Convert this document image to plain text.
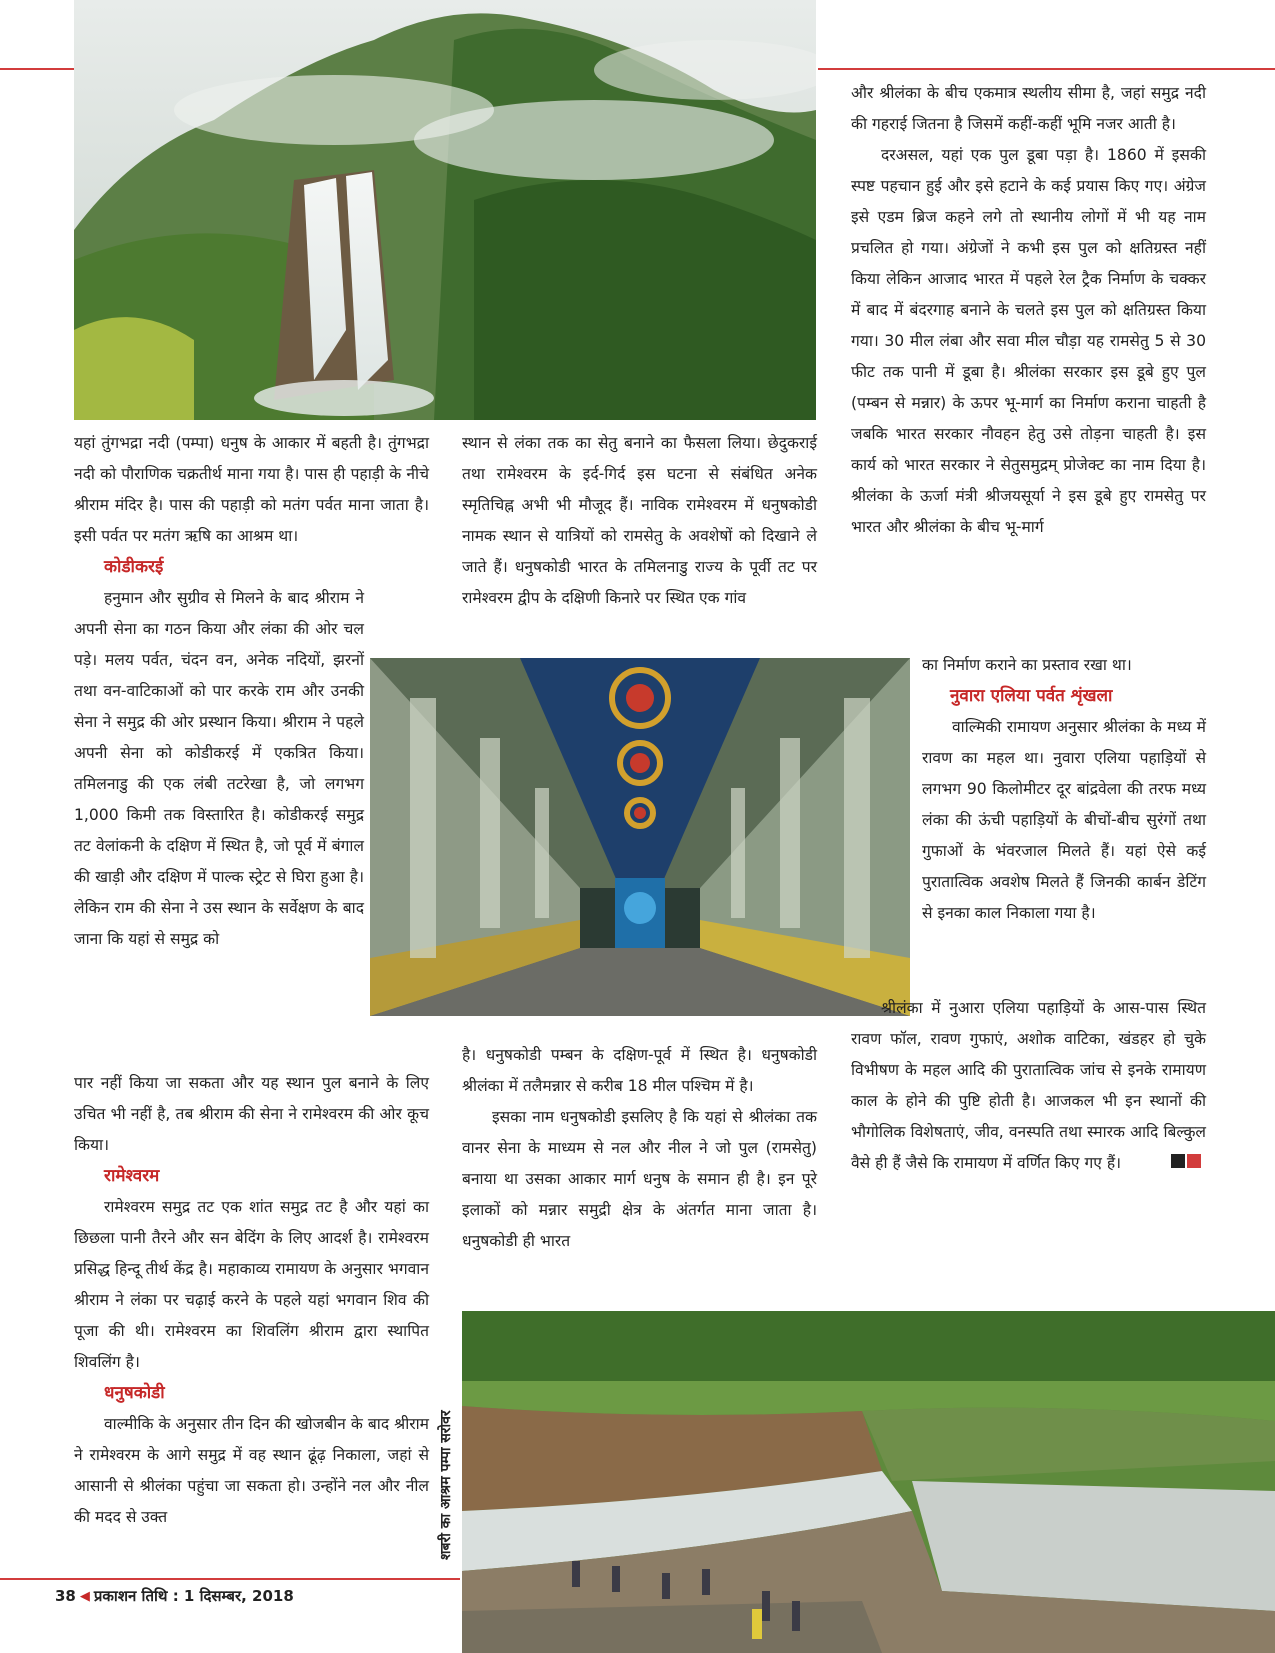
यहां तुंगभद्रा नदी (पम्पा) धनुष के आकार में बहती है। तुंगभद्रा नदी को पौराणिक चक्रतीर्थ माना गया है। पास ही पहाड़ी के नीचे श्रीराम मंदिर है। पास की पहाड़ी को मतंग पर्वत माना जाता है। इसी पर्वत पर मतंग ऋषि का आश्रम था।

कोडीकरई

हनुमान और सुग्रीव से मिलने के बाद श्रीराम ने अपनी सेना का गठन किया और लंका की ओर चल पड़े। मलय पर्वत, चंदन वन, अनेक नदियों, झरनों तथा वन-वाटिकाओं को पार करके राम और उनकी सेना ने समुद्र की ओर प्रस्थान किया। श्रीराम ने पहले अपनी सेना को कोडीकरई में एकत्रित किया। तमिलनाडु की एक लंबी तटरेखा है, जो लगभग 1,000 किमी तक विस्तारित है। कोडीकरई समुद्र तट वेलांकनी के दक्षिण में स्थित है, जो पूर्व में बंगाल की खाड़ी और दक्षिण में पाल्क स्ट्रेट से घिरा हुआ है। लेकिन राम की सेना ने उस स्थान के सर्वेक्षण के बाद जाना कि यहां से समुद्र को

पार नहीं किया जा सकता और यह स्थान पुल बनाने के लिए उचित भी नहीं है, तब श्रीराम की सेना ने रामेश्वरम की ओर कूच किया।

रामेश्वरम

रामेश्वरम समुद्र तट एक शांत समुद्र तट है और यहां का छिछला पानी तैरने और सन बेदिंग के लिए आदर्श है। रामेश्वरम प्रसिद्ध हिन्दू तीर्थ केंद्र है। महाकाव्य रामायण के अनुसार भगवान श्रीराम ने लंका पर चढ़ाई करने के पहले यहां भगवान शिव की पूजा की थी। रामेश्वरम का शिवलिंग श्रीराम द्वारा स्थापित शिवलिंग है।

धनुषकोडी

वाल्मीकि के अनुसार तीन दिन की खोजबीन के बाद श्रीराम ने रामेश्वरम के आगे समुद्र में वह स्थान ढूंढ़ निकाला, जहां से आसानी से श्रीलंका पहुंचा जा सकता हो। उन्होंने नल और नील की मदद से उक्त

स्थान से लंका तक का सेतु बनाने का फैसला लिया। छेदुकराई तथा रामेश्वरम के इर्द-गिर्द इस घटना से संबंधित अनेक स्मृतिचिह्न अभी भी मौजूद हैं। नाविक रामेश्वरम में धनुषकोडी नामक स्थान से यात्रियों को रामसेतु के अवशेषों को दिखाने ले जाते हैं। धनुषकोडी भारत के तमिलनाडु राज्य के पूर्वी तट पर रामेश्वरम द्वीप के दक्षिणी किनारे पर स्थित एक गांव

है। धनुषकोडी पम्बन के दक्षिण-पूर्व में स्थित है। धनुषकोडी श्रीलंका में तलैमन्नार से करीब 18 मील पश्चिम में है।

इसका नाम धनुषकोडी इसलिए है कि यहां से श्रीलंका तक वानर सेना के माध्यम से नल और नील ने जो पुल (रामसेतु) बनाया था उसका आकार मार्ग धनुष के समान ही है। इन पूरे इलाकों को मन्नार समुद्री क्षेत्र के अंतर्गत माना जाता है। धनुषकोडी ही भारत

और श्रीलंका के बीच एकमात्र स्थलीय सीमा है, जहां समुद्र नदी की गहराई जितना है जिसमें कहीं-कहीं भूमि नजर आती है।

दरअसल, यहां एक पुल डूबा पड़ा है। 1860 में इसकी स्पष्ट पहचान हुई और इसे हटाने के कई प्रयास किए गए। अंग्रेज इसे एडम ब्रिज कहने लगे तो स्थानीय लोगों में भी यह नाम प्रचलित हो गया। अंग्रेजों ने कभी इस पुल को क्षतिग्रस्त नहीं किया लेकिन आजाद भारत में पहले रेल ट्रैक निर्माण के चक्कर में बाद में बंदरगाह बनाने के चलते इस पुल को क्षतिग्रस्त किया गया। 30 मील लंबा और सवा मील चौड़ा यह रामसेतु 5 से 30 फीट तक पानी में डूबा है। श्रीलंका सरकार इस डूबे हुए पुल (पम्बन से मन्नार) के ऊपर भू-मार्ग का निर्माण कराना चाहती है जबकि भारत सरकार नौवहन हेतु उसे तोड़ना चाहती है। इस कार्य को भारत सरकार ने सेतुसमुद्रम् प्रोजेक्ट का नाम दिया है। श्रीलंका के ऊर्जा मंत्री श्रीजयसूर्या ने इस डूबे हुए रामसेतु पर भारत और श्रीलंका के बीच भू-मार्ग

का निर्माण कराने का प्रस्ताव रखा था।

नुवारा एलिया पर्वत शृंखला

वाल्मिकी रामायण अनुसार श्रीलंका के मध्य में रावण का महल था। नुवारा एलिया पहाड़ियों से लगभग 90 किलोमीटर दूर बांद्रवेला की तरफ मध्य लंका की ऊंची पहाड़ियों के बीचों-बीच सुरंगों तथा गुफाओं के भंवरजाल मिलते हैं। यहां ऐसे कई पुरातात्विक अवशेष मिलते हैं जिनकी कार्बन डेटिंग से इनका काल निकाला गया है।

श्रीलंका में नुआरा एलिया पहाड़ियों के आस-पास स्थित रावण फॉल, रावण गुफाएं, अशोक वाटिका, खंडहर हो चुके विभीषण के महल आदि की पुरातात्विक जांच से इनके रामायण काल के होने की पुष्टि होती है। आजकल भी इन स्थानों की भौगोलिक विशेषताएं, जीव, वनस्पति तथा स्मारक आदि बिल्कुल वैसे ही हैं जैसे कि रामायण में वर्णित किए गए हैं।

शबरी का आश्रम पम्पा सरोवर
38 ◀ प्रकाशन तिथि : 1 दिसम्बर, 2018
